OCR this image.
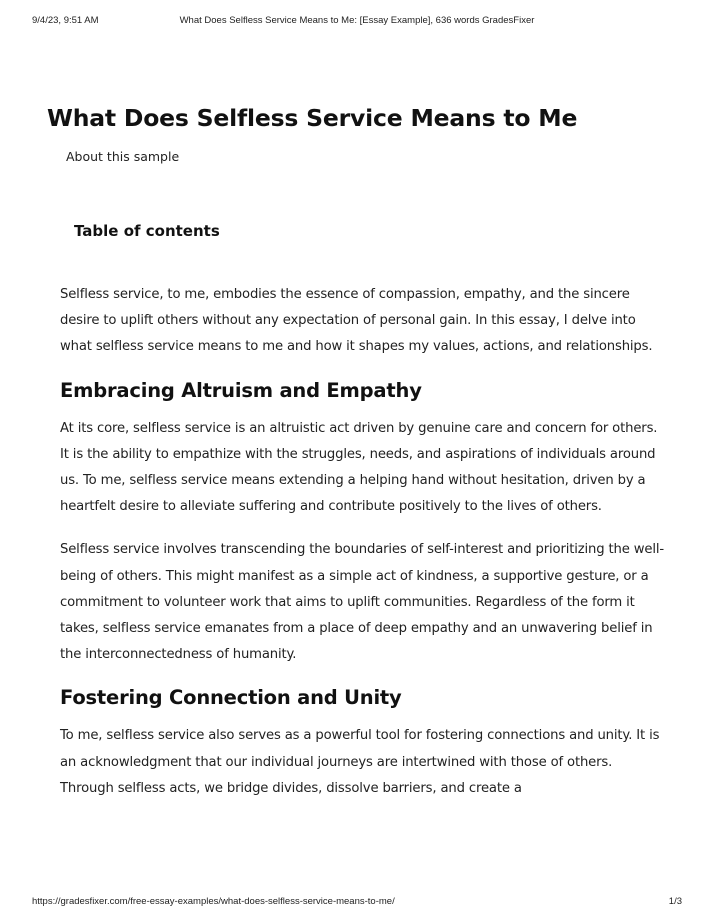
9/4/23, 9:51 AM	What Does Selfless Service Means to Me: [Essay Example], 636 words GradesFixer
What Does Selfless Service Means to Me
About this sample
Table of contents

Selfless service, to me, embodies the essence of compassion, empathy, and the sincere desire to uplift others without any expectation of personal gain. In this essay, I delve into what selfless service means to me and how it shapes my values, actions, and relationships.

Embracing Altruism and Empathy

At its core, selfless service is an altruistic act driven by genuine care and concern for others. It is the ability to empathize with the struggles, needs, and aspirations of individuals around us. To me, selfless service means extending a helping hand without hesitation, driven by a heartfelt desire to alleviate suffering and contribute positively to the lives of others.

Selfless service involves transcending the boundaries of self-interest and prioritizing the well-being of others. This might manifest as a simple act of kindness, a supportive gesture, or a commitment to volunteer work that aims to uplift communities. Regardless of the form it takes, selfless service emanates from a place of deep empathy and an unwavering belief in the interconnectedness of humanity.

Fostering Connection and Unity

To me, selfless service also serves as a powerful tool for fostering connections and unity. It is an acknowledgment that our individual journeys are intertwined with those of others. Through selfless acts, we bridge divides, dissolve barriers, and create a

https://gradesfixer.com/free-essay-examples/what-does-selfless-service-means-to-me/	1/3
